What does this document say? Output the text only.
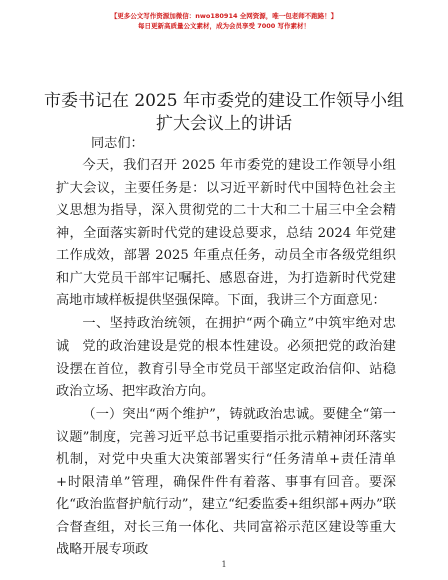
【更多公文写作资源加微信：nwo180914 全网资源，唯一包老师不跑路！】
每日更新高质量公文素材，成为会员享受 7000 写作素材！
市委书记在 2025 年市委党的建设工作领导小组
扩大会议上的讲话

同志们：

今天，我们召开 2025 年市委党的建设工作领导小组扩大会议，主要任务是：以习近平新时代中国特色社会主义思想为指导，深入贯彻党的二十大和二十届三中全会精神，全面落实新时代党的建设总要求，总结 2024 年党建工作成效，部署 2025 年重点任务，动员全市各级党组织和广大党员干部牢记嘱托、感恩奋进，为打造新时代党建高地市域样板提供坚强保障。下面，我讲三个方面意见：

一、坚持政治统领，在拥护“两个确立”中筑牢绝对忠诚	党的政治建设是党的根本性建设。必须把党的政治建设摆在首位，教育引导全市党员干部坚定政治信仰、站稳政治立场、把牢政治方向。

（一）突出“两个维护”，铸就政治忠诚。要健全“第一议题”制度，完善习近平总书记重要指示批示精神闭环落实机制，对党中央重大决策部署实行“任务清单+责任清单+时限清单”管理，确保件件有着落、事事有回音。要深化“政治监督护航行动”，建立“纪委监委+组织部+两办”联合督查组，对长三角一体化、共同富裕示范区建设等重大战略开展专项政

1
